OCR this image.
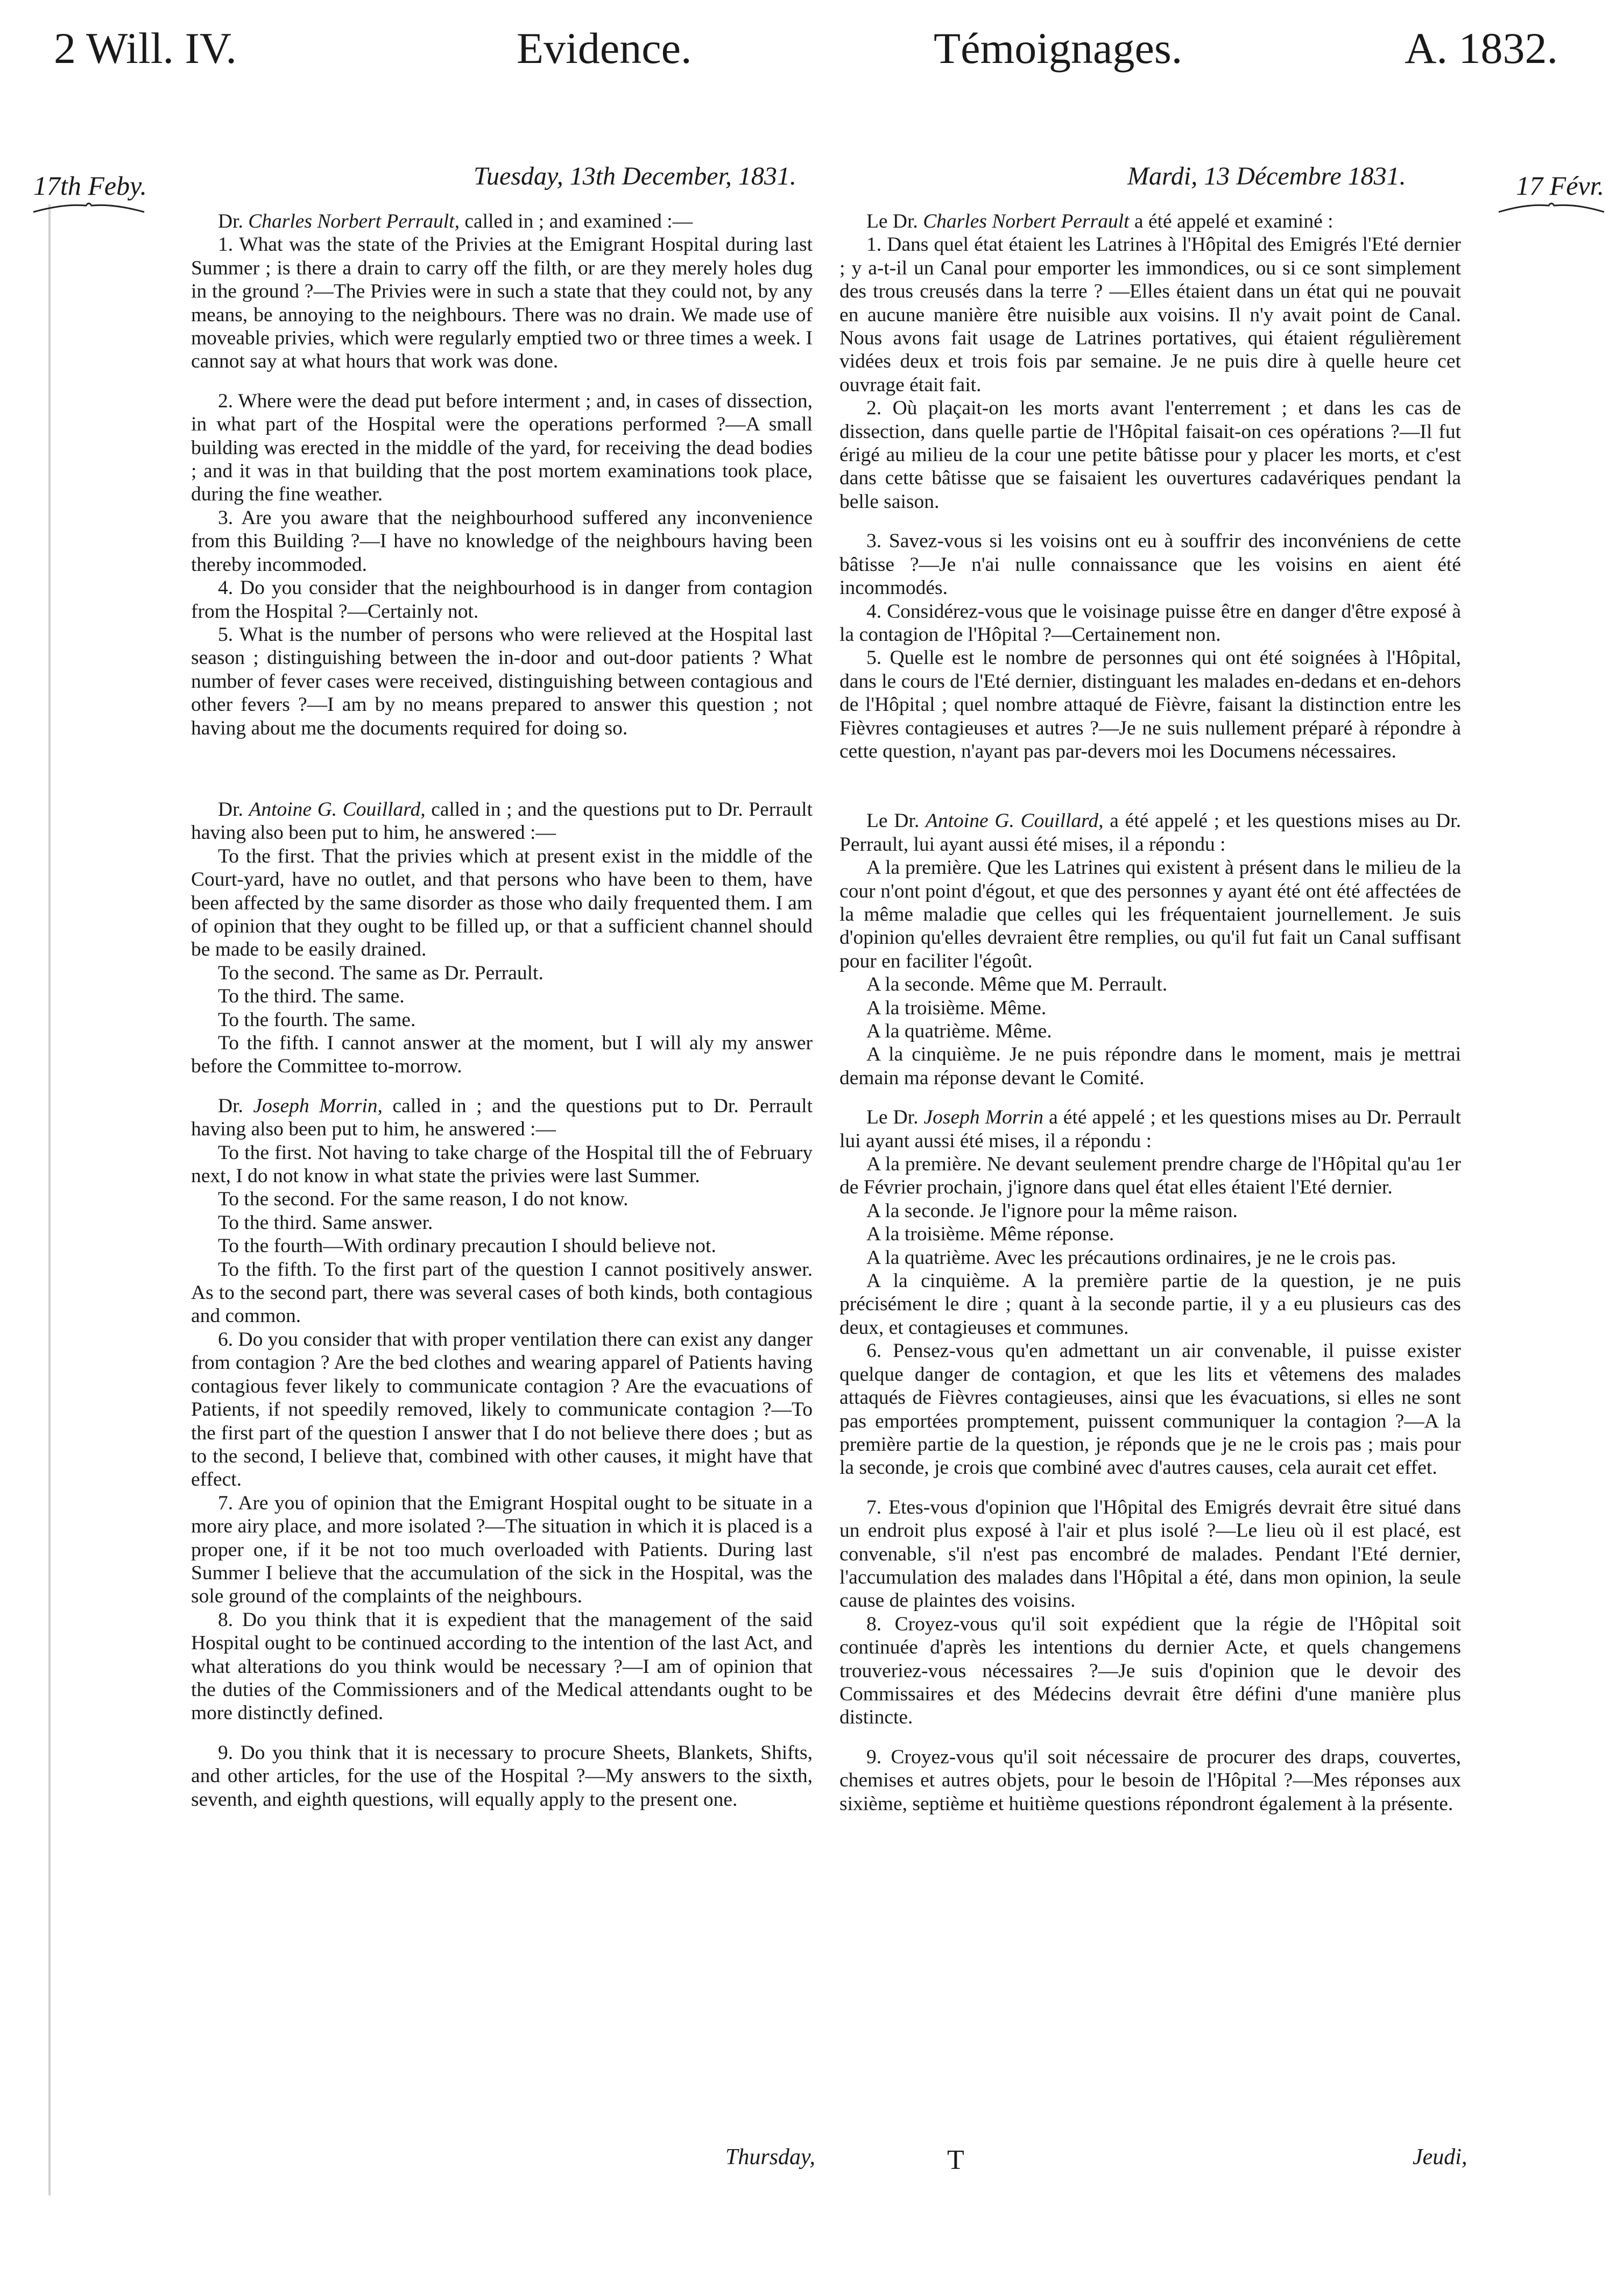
2 Will. IV.	Evidence.	Témoignages.	A. 1832.
17th Feby.	17 Févr.
Tuesday, 13th December, 1831.	Mardi, 13 Décembre 1831.

Dr. Charles Norbert Perrault, called in ; and examined :—

1. What was the state of the Privies at the Emigrant Hospital during last Summer ; is there a drain to carry off the filth, or are they merely holes dug in the ground ?—The Privies were in such a state that they could not, by any means, be annoying to the neighbours. There was no drain. We made use of moveable privies, which were regularly emptied two or three times a week. I cannot say at what hours that work was done.

2. Where were the dead put before interment ; and, in cases of dissection, in what part of the Hospital were the operations performed ?—A small building was erected in the middle of the yard, for receiving the dead bodies ; and it was in that building that the post mortem examinations took place, during the fine weather.

3. Are you aware that the neighbourhood suffered any inconvenience from this Building ?—I have no knowledge of the neighbours having been thereby incommoded.

4. Do you consider that the neighbourhood is in danger from contagion from the Hospital ?—Certainly not.

5. What is the number of persons who were relieved at the Hospital last season ; distinguishing between the in-door and out-door patients ? What number of fever cases were received, distinguishing between contagious and other fevers ?—I am by no means prepared to answer this question ; not having about me the documents required for doing so.

Dr. Antoine G. Couillard, called in ; and the questions put to Dr. Perrault having also been put to him, he answered :—

To the first. That the privies which at present exist in the middle of the Court-yard, have no outlet, and that persons who have been to them, have been affected by the same disorder as those who daily frequented them. I am of opinion that they ought to be filled up, or that a sufficient channel should be made to be easily drained.

To the second. The same as Dr. Perrault.

To the third. The same.

To the fourth. The same.

To the fifth. I cannot answer at the moment, but I will aly my answer before the Committee to-morrow.

Dr. Joseph Morrin, called in ; and the questions put to Dr. Perrault having also been put to him, he answered :—

To the first. Not having to take charge of the Hospital till the of February next, I do not know in what state the privies were last Summer.

To the second. For the same reason, I do not know.

To the third. Same answer.

To the fourth—With ordinary precaution I should believe not.

To the fifth. To the first part of the question I cannot positively answer. As to the second part, there was several cases of both kinds, both contagious and common.

6. Do you consider that with proper ventilation there can exist any danger from contagion ? Are the bed clothes and wearing apparel of Patients having contagious fever likely to communicate contagion ? Are the evacuations of Patients, if not speedily removed, likely to communicate contagion ?—To the first part of the question I answer that I do not believe there does ; but as to the second, I believe that, combined with other causes, it might have that effect.

7. Are you of opinion that the Emigrant Hospital ought to be situate in a more airy place, and more isolated ?—The situation in which it is placed is a proper one, if it be not too much overloaded with Patients. During last Summer I believe that the accumulation of the sick in the Hospital, was the sole ground of the complaints of the neighbours.

8. Do you think that it is expedient that the management of the said Hospital ought to be continued according to the intention of the last Act, and what alterations do you think would be necessary ?—I am of opinion that the duties of the Commissioners and of the Medical attendants ought to be more distinctly defined.

9. Do you think that it is necessary to procure Sheets, Blankets, Shifts, and other articles, for the use of the Hospital ?—My answers to the sixth, seventh, and eighth questions, will equally apply to the present one.

Le Dr. Charles Norbert Perrault a été appelé et examiné :

1. Dans quel état étaient les Latrines à l'Hôpital des Emigrés l'Eté dernier ; y a-t-il un Canal pour emporter les immondices, ou si ce sont simplement des trous creusés dans la terre ? —Elles étaient dans un état qui ne pouvait en aucune manière être nuisible aux voisins. Il n'y avait point de Canal. Nous avons fait usage de Latrines portatives, qui étaient régulièrement vidées deux et trois fois par semaine. Je ne puis dire à quelle heure cet ouvrage était fait.

2. Où plaçait-on les morts avant l'enterrement ; et dans les cas de dissection, dans quelle partie de l'Hôpital faisait-on ces opérations ?—Il fut érigé au milieu de la cour une petite bâtisse pour y placer les morts, et c'est dans cette bâtisse que se faisaient les ouvertures cadavériques pendant la belle saison.

3. Savez-vous si les voisins ont eu à souffrir des inconvéniens de cette bâtisse ?—Je n'ai nulle connaissance que les voisins en aient été incommodés.

4. Considérez-vous que le voisinage puisse être en danger d'être exposé à la contagion de l'Hôpital ?—Certainement non.

5. Quelle est le nombre de personnes qui ont été soignées à l'Hôpital, dans le cours de l'Eté dernier, distinguant les malades en-dedans et en-dehors de l'Hôpital ; quel nombre attaqué de Fièvre, faisant la distinction entre les Fièvres contagieuses et autres ?—Je ne suis nullement préparé à répondre à cette question, n'ayant pas par-devers moi les Documens nécessaires.

Le Dr. Antoine G. Couillard, a été appelé ; et les questions mises au Dr. Perrault, lui ayant aussi été mises, il a répondu :

A la première. Que les Latrines qui existent à présent dans le milieu de la cour n'ont point d'égout, et que des personnes y ayant été ont été affectées de la même maladie que celles qui les fréquentaient journellement. Je suis d'opinion qu'elles devraient être remplies, ou qu'il fut fait un Canal suffisant pour en faciliter l'égoût.

A la seconde. Même que M. Perrault.

A la troisième. Même.

A la quatrième. Même.

A la cinquième. Je ne puis répondre dans le moment, mais je mettrai demain ma réponse devant le Comité.

Le Dr. Joseph Morrin a été appelé ; et les questions mises au Dr. Perrault lui ayant aussi été mises, il a répondu :

A la première. Ne devant seulement prendre charge de l'Hôpital qu'au 1er de Février prochain, j'ignore dans quel état elles étaient l'Eté dernier.

A la seconde. Je l'ignore pour la même raison.

A la troisième. Même réponse.

A la quatrième. Avec les précautions ordinaires, je ne le crois pas.

A la cinquième. A la première partie de la question, je ne puis précisément le dire ; quant à la seconde partie, il y a eu plusieurs cas des deux, et contagieuses et communes.

6. Pensez-vous qu'en admettant un air convenable, il puisse exister quelque danger de contagion, et que les lits et vêtemens des malades attaqués de Fièvres contagieuses, ainsi que les évacuations, si elles ne sont pas emportées promptement, puissent communiquer la contagion ?—A la première partie de la question, je réponds que je ne le crois pas ; mais pour la seconde, je crois que combiné avec d'autres causes, cela aurait cet effet.

7. Etes-vous d'opinion que l'Hôpital des Emigrés devrait être situé dans un endroit plus exposé à l'air et plus isolé ?—Le lieu où il est placé, est convenable, s'il n'est pas encombré de malades. Pendant l'Eté dernier, l'accumulation des malades dans l'Hôpital a été, dans mon opinion, la seule cause de plaintes des voisins.

8. Croyez-vous qu'il soit expédient que la régie de l'Hôpital soit continuée d'après les intentions du dernier Acte, et quels changemens trouveriez-vous nécessaires ?—Je suis d'opinion que le devoir des Commissaires et des Médecins devrait être défini d'une manière plus distincte.

9. Croyez-vous qu'il soit nécessaire de procurer des draps, couvertes, chemises et autres objets, pour le besoin de l'Hôpital ?—Mes réponses aux sixième, septième et huitième questions répondront également à la présente.

Thursday,	T	Jeudi,
